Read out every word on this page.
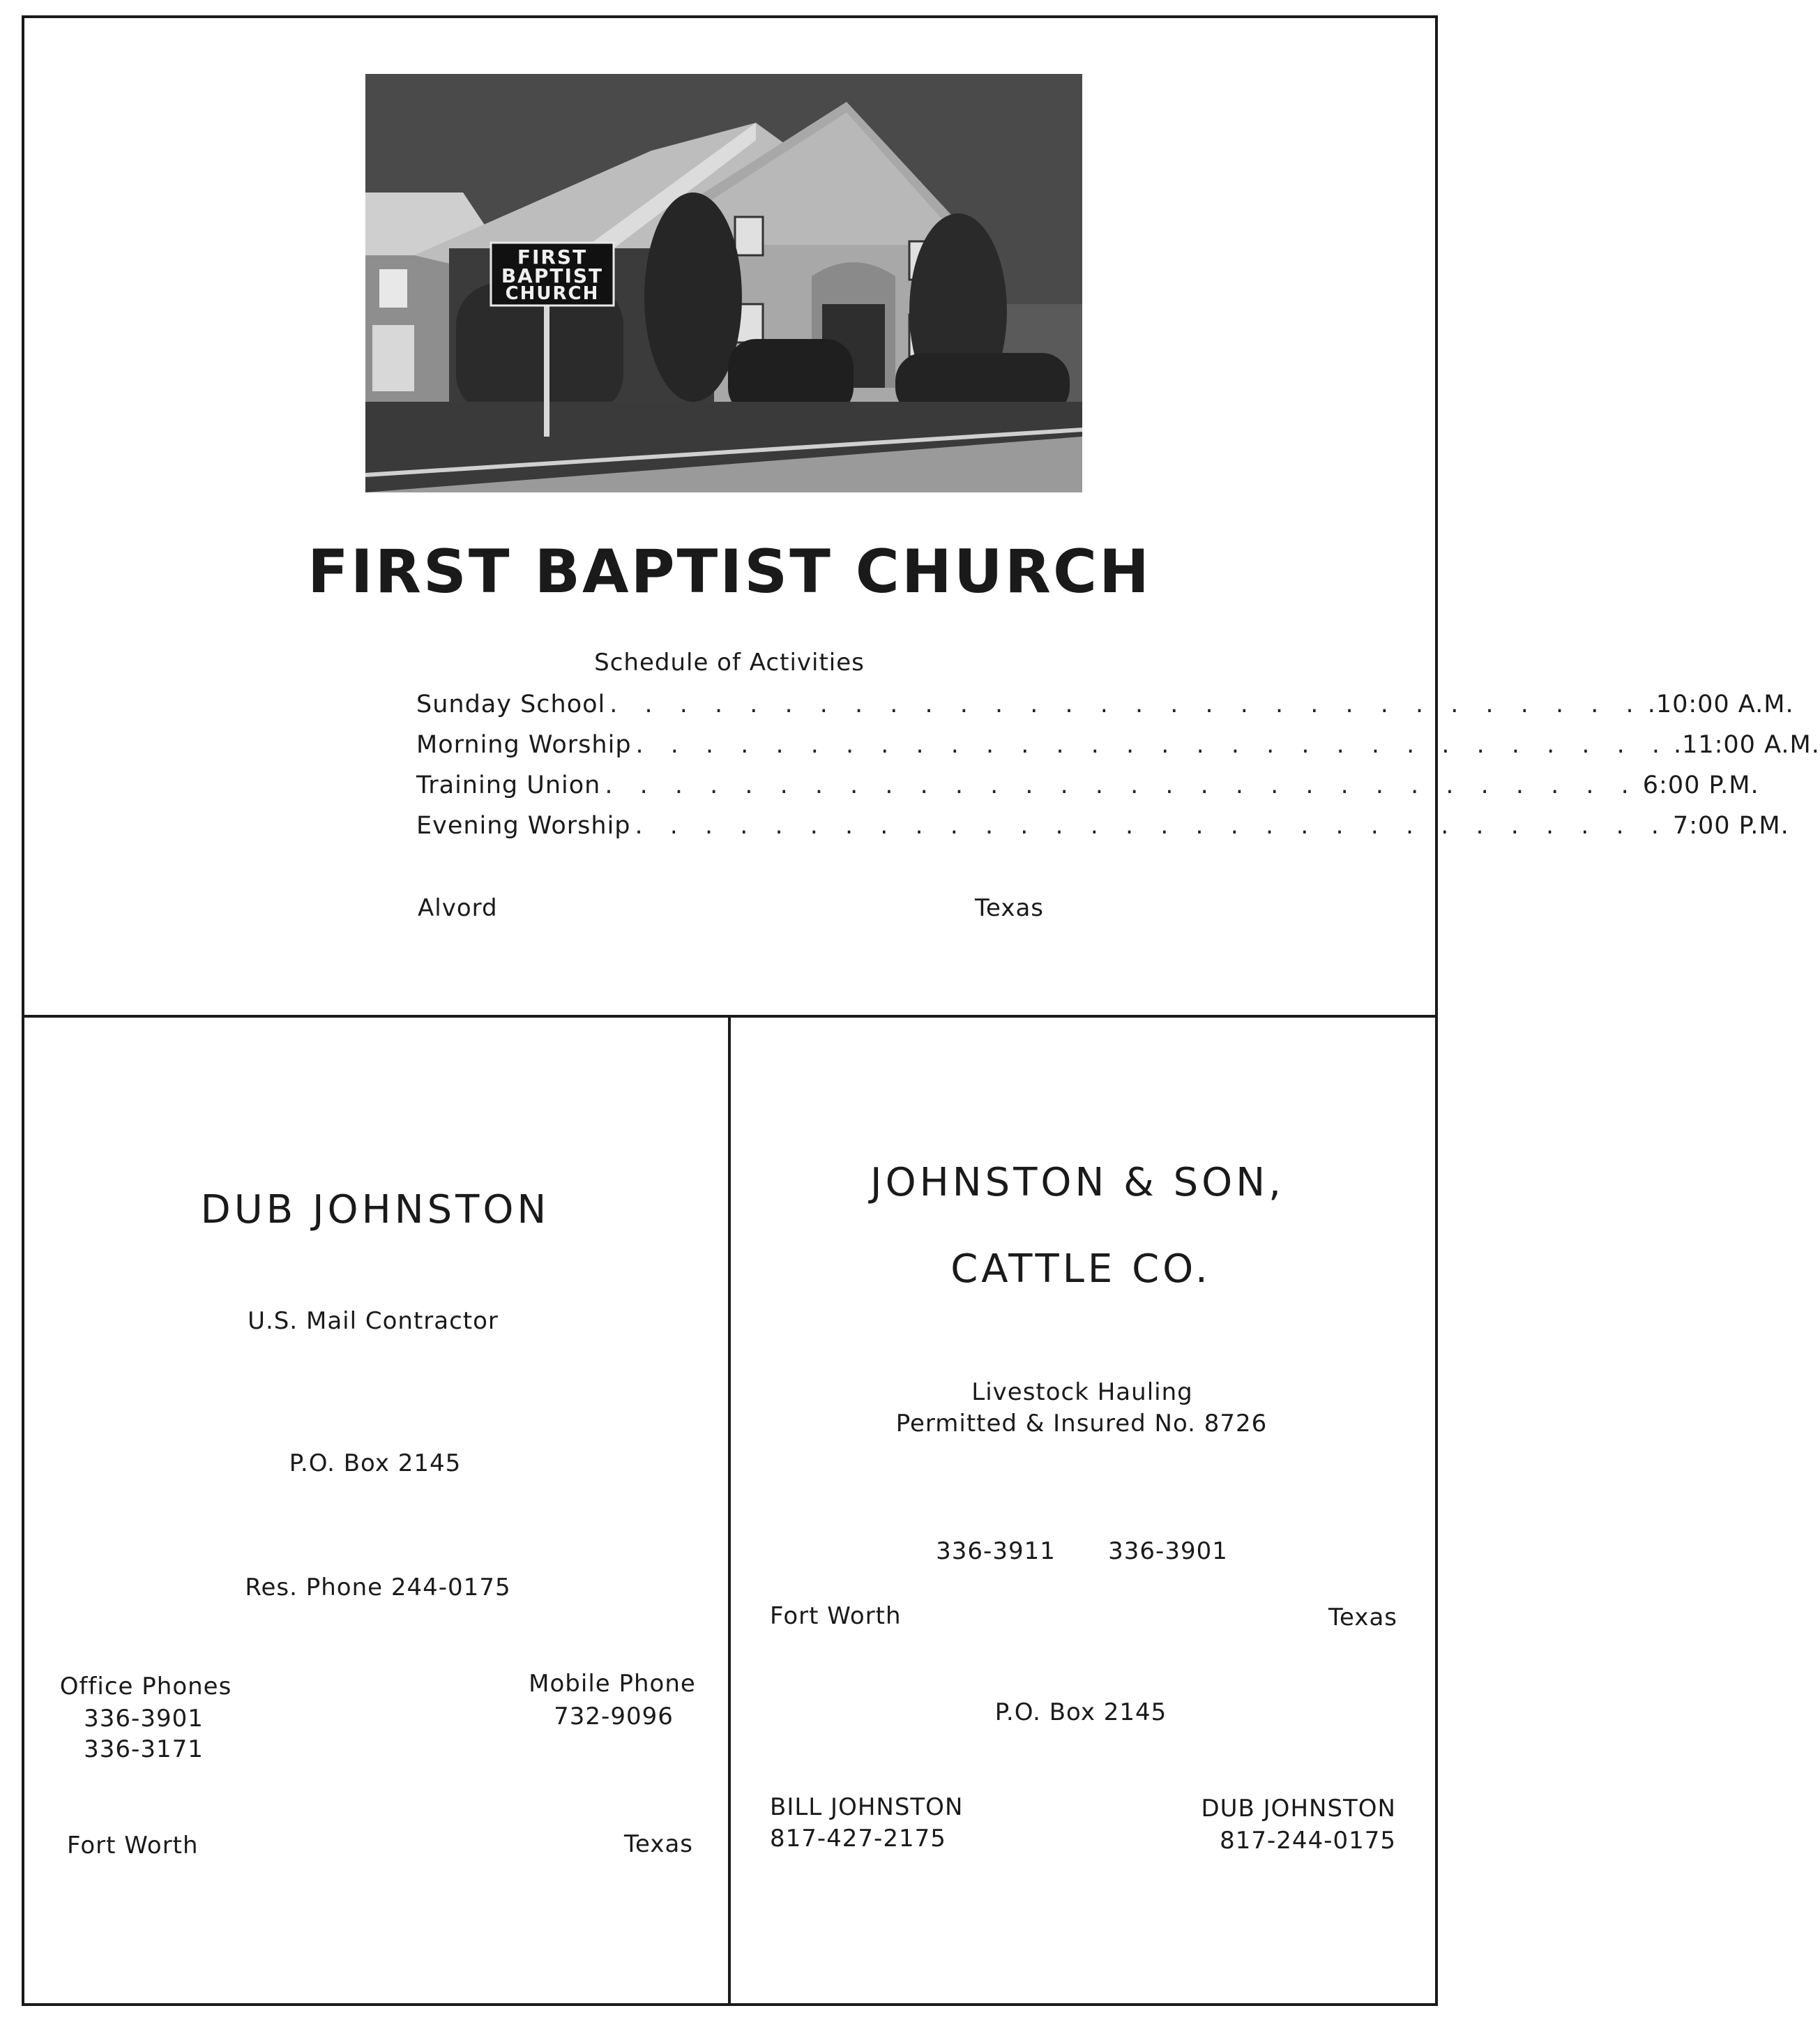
FIRST
BAPTIST
CHURCH
FIRST BAPTIST CHURCH
Schedule of Activities
Sunday School . . . . . . . . . . . . . . . . . . . . . . . . . . . . . . .10:00 A.M.
Morning Worship . . . . . . . . . . . . . . . . . . . . . . . . . . . . . . .11:00 A.M.
Training Union . . . . . . . . . . . . . . . . . . . . . . . . . . . . . . 6:00 P.M.
Evening Worship . . . . . . . . . . . . . . . . . . . . . . . . . . . . . . 7:00 P.M.
Alvord	Texas
DUB JOHNSTON
U.S. Mail Contractor
P.O. Box 2145
Res. Phone 244-0175
Office Phones
336-3901
336-3171
Mobile Phone
732-9096
Fort Worth	Texas
JOHNSTON & SON,
CATTLE CO.
Livestock Hauling
Permitted & Insured No. 8726
336-3911 336-3901
Fort Worth	Texas
P.O. Box 2145
BILL JOHNSTON
817-427-2175
DUB JOHNSTON
817-244-0175
